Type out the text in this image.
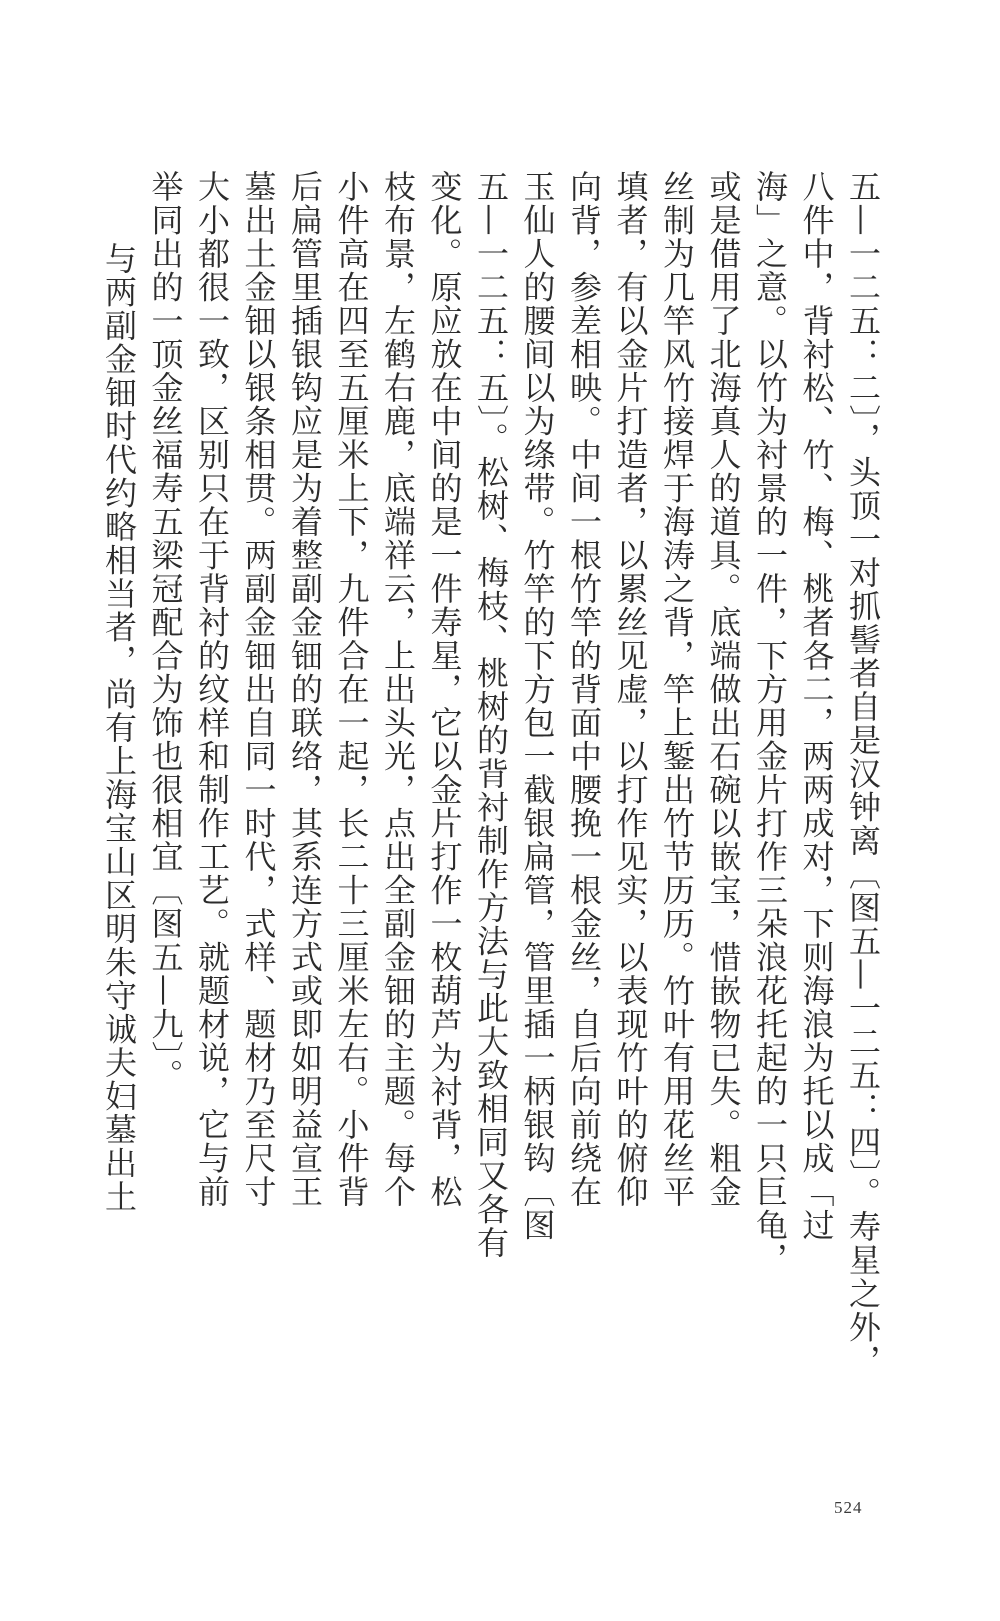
五—一二五：二〕，头顶一对抓髻者自是汉钟离〔图五—一二五：四〕。寿星之外，
八件中，背衬松、竹、梅、桃者各二，两两成对，下则海浪为托以成「过
海」之意。以竹为衬景的一件，下方用金片打作三朵浪花托起的一只巨龟，
或是借用了北海真人的道具。底端做出石碗以嵌宝，惜嵌物已失。粗金
丝制为几竿风竹接焊于海涛之背，竿上錾出竹节历历。竹叶有用花丝平
填者，有以金片打造者，以累丝见虚，以打作见实，以表现竹叶的俯仰
向背，参差相映。中间一根竹竿的背面中腰挽一根金丝，自后向前绕在
玉仙人的腰间以为绦带。竹竿的下方包一截银扁管，管里插一柄银钩〔图
五—一二五：五〕。松树、梅枝、桃树的背衬制作方法与此大致相同又各有
变化。原应放在中间的是一件寿星，它以金片打作一枚葫芦为衬背，松
枝布景，左鹤右鹿，底端祥云，上出头光，点出全副金钿的主题。每个
小件高在四至五厘米上下，九件合在一起，长二十三厘米左右。小件背
后扁管里插银钩应是为着整副金钿的联络，其系连方式或即如明益宣王
墓出土金钿以银条相贯。两副金钿出自同一时代，式样、题材乃至尺寸
大小都很一致，区别只在于背衬的纹样和制作工艺。就题材说，它与前
举同出的一顶金丝福寿五梁冠配合为饰也很相宜〔图五—九〕。
与两副金钿时代约略相当者，尚有上海宝山区明朱守诚夫妇墓出土
524
